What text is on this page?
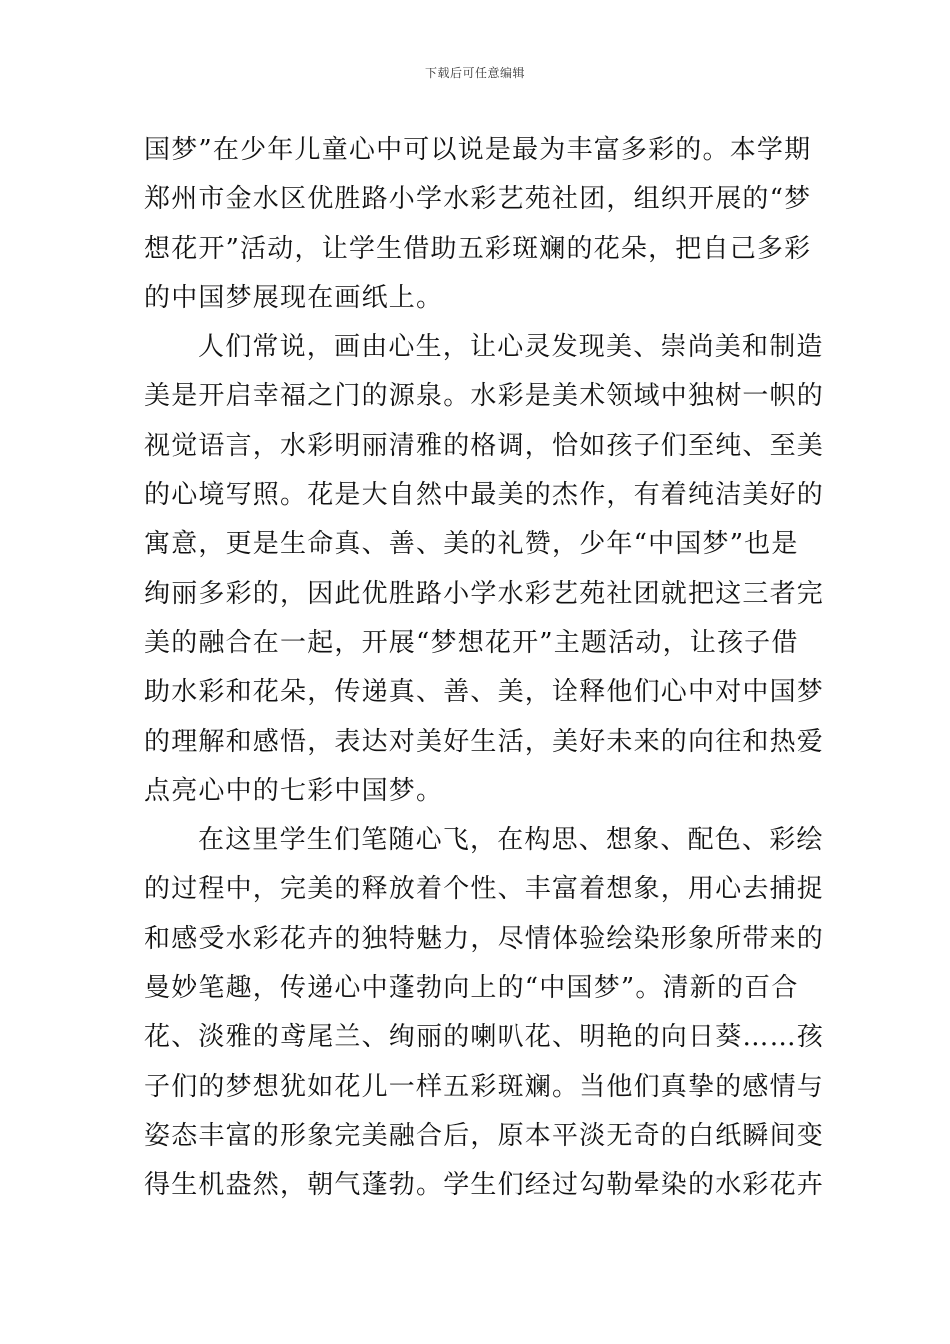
下载后可任意编辑
国梦”在少年儿童心中可以说是最为丰富多彩的。本学期
郑州市金水区优胜路小学水彩艺苑社团，组织开展的“梦
想花开”活动，让学生借助五彩斑斓的花朵，把自己多彩
的中国梦展现在画纸上。
人们常说，画由心生，让心灵发现美、崇尚美和制造
美是开启幸福之门的源泉。水彩是美术领域中独树一帜的
视觉语言，水彩明丽清雅的格调，恰如孩子们至纯、至美
的心境写照。花是大自然中最美的杰作，有着纯洁美好的
寓意，更是生命真、善、美的礼赞，少年“中国梦”也是
绚丽多彩的，因此优胜路小学水彩艺苑社团就把这三者完
美的融合在一起，开展“梦想花开”主题活动，让孩子借
助水彩和花朵，传递真、善、美，诠释他们心中对中国梦
的理解和感悟，表达对美好生活，美好未来的向往和热爱
点亮心中的七彩中国梦。
在这里学生们笔随心飞，在构思、想象、配色、彩绘
的过程中，完美的释放着个性、丰富着想象，用心去捕捉
和感受水彩花卉的独特魅力，尽情体验绘染形象所带来的
曼妙笔趣，传递心中蓬勃向上的“中国梦”。清新的百合
花、淡雅的鸢尾兰、绚丽的喇叭花、明艳的向日葵……孩
子们的梦想犹如花儿一样五彩斑斓。当他们真挚的感情与
姿态丰富的形象完美融合后，原本平淡无奇的白纸瞬间变
得生机盎然，朝气蓬勃。学生们经过勾勒晕染的水彩花卉
